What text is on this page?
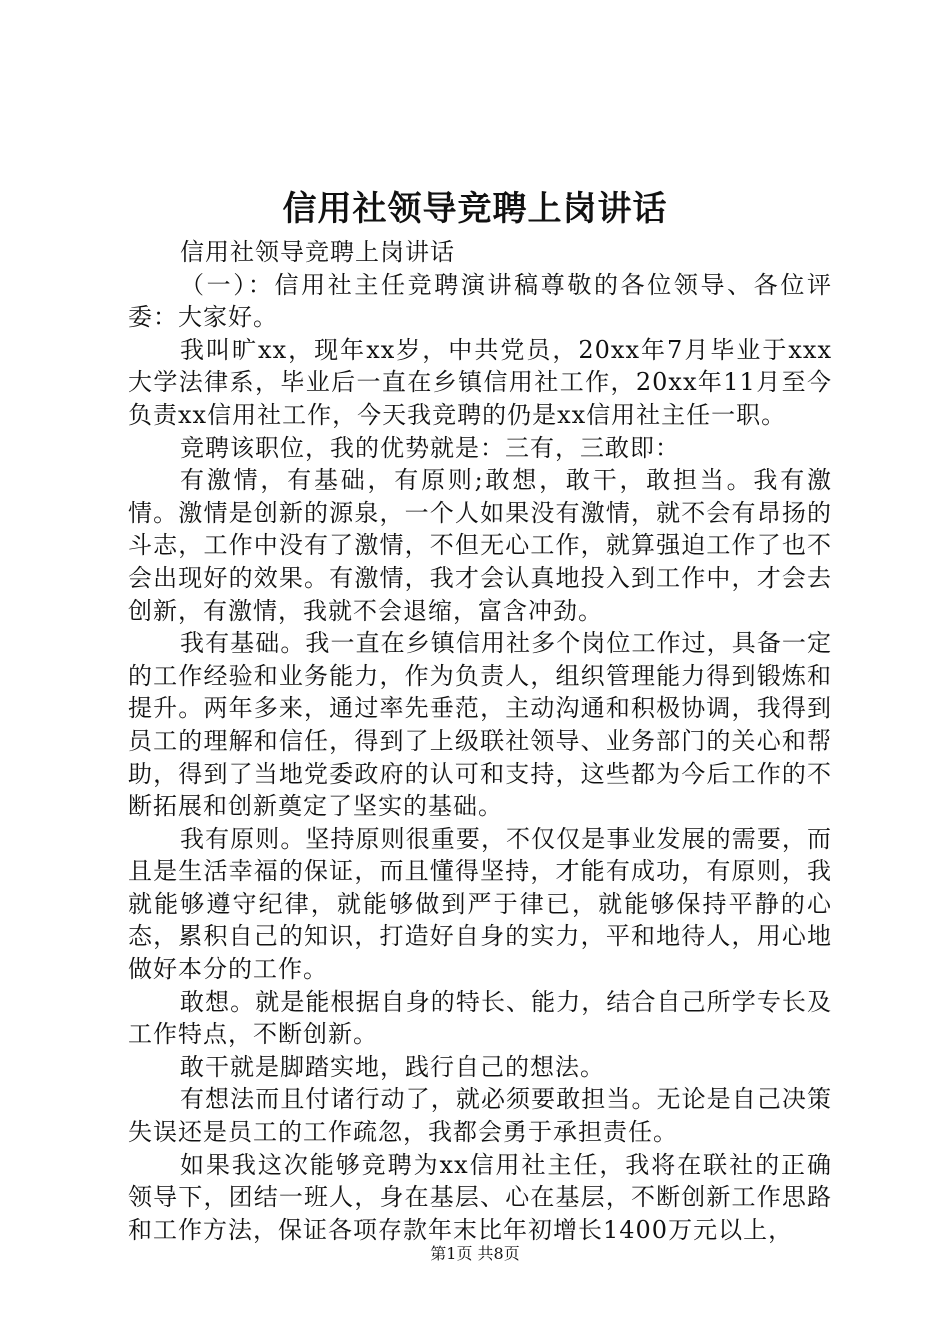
信用社领导竞聘上岗讲话

信用社领导竞聘上岗讲话

（一）：信用社主任竞聘演讲稿尊敬的各位领导、各位评委：大家好。

我叫旷xx，现年xx岁，中共党员，20xx年7月毕业于xxx大学法律系，毕业后一直在乡镇信用社工作，20xx年11月至今负责xx信用社工作，今天我竞聘的仍是xx信用社主任一职。

竞聘该职位，我的优势就是：三有，三敢即：

有激情，有基础，有原则;敢想，敢干，敢担当。我有激情。激情是创新的源泉，一个人如果没有激情，就不会有昂扬的斗志，工作中没有了激情，不但无心工作，就算强迫工作了也不会出现好的效果。有激情，我才会认真地投入到工作中，才会去创新，有激情，我就不会退缩，富含冲劲。

我有基础。我一直在乡镇信用社多个岗位工作过，具备一定的工作经验和业务能力，作为负责人，组织管理能力得到锻炼和提升。两年多来，通过率先垂范，主动沟通和积极协调，我得到员工的理解和信任，得到了上级联社领导、业务部门的关心和帮助，得到了当地党委政府的认可和支持，这些都为今后工作的不断拓展和创新奠定了坚实的基础。

我有原则。坚持原则很重要，不仅仅是事业发展的需要，而且是生活幸福的保证，而且懂得坚持，才能有成功，有原则，我就能够遵守纪律，就能够做到严于律已，就能够保持平静的心态，累积自己的知识，打造好自身的实力，平和地待人，用心地做好本分的工作。

敢想。就是能根据自身的特长、能力，结合自己所学专长及工作特点，不断创新。

敢干就是脚踏实地，践行自己的想法。

有想法而且付诸行动了，就必须要敢担当。无论是自己决策失误还是员工的工作疏忽，我都会勇于承担责任。

如果我这次能够竞聘为xx信用社主任，我将在联社的正确领导下，团结一班人，身在基层、心在基层，不断创新工作思路和工作方法，保证各项存款年末比年初增长1400万元以上，

第1页 共8页
